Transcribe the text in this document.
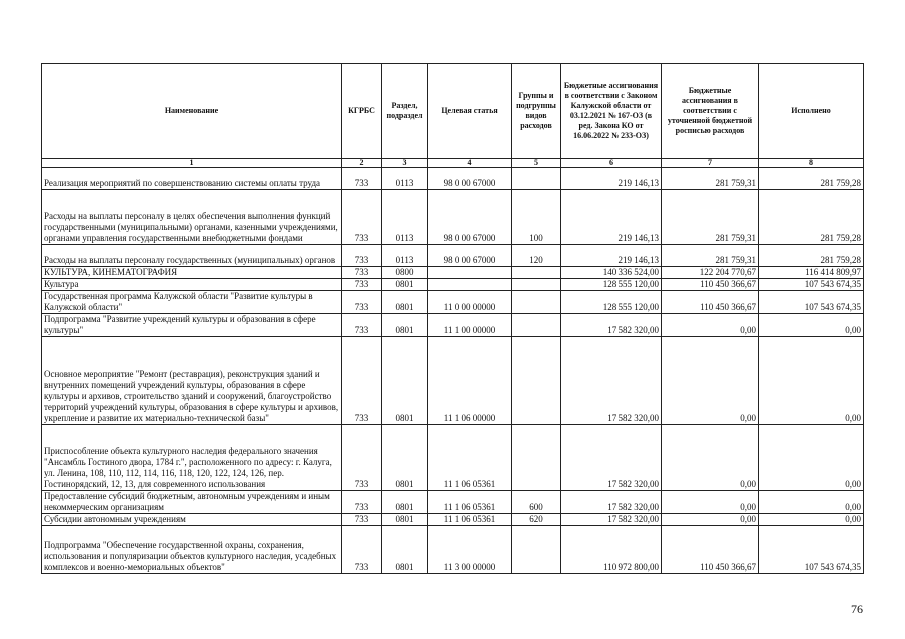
Наименование	КГРБС	Раздел, подраздел	Целевая статья	Группы и подгруппы видов расходов	Бюджетные ассигнования в соответствии с Законом Калужской области от 03.12.2021 № 167-ОЗ (в ред. Закона КО от 16.06.2022 № 233-ОЗ)	Бюджетные ассигнования в соответствии с уточненной бюджетной росписью расходов	Исполнено
1	2	3	4	5	6	7	8
Реализация мероприятий по совершенствованию системы оплаты труда	733	0113	98 0 00 67000		219 146,13	281 759,31	281 759,28
Расходы на выплаты персоналу в целях обеспечения выполнения функций государственными (муниципальными) органами, казенными учреждениями, органами управления государственными внебюджетными фондами	733	0113	98 0 00 67000	100	219 146,13	281 759,31	281 759,28
Расходы на выплаты персоналу государственных (муниципальных) органов	733	0113	98 0 00 67000	120	219 146,13	281 759,31	281 759,28
КУЛЬТУРА, КИНЕМАТОГРАФИЯ	733	0800			140 336 524,00	122 204 770,67	116 414 809,97
Культура	733	0801			128 555 120,00	110 450 366,67	107 543 674,35
Государственная программа Калужской области "Развитие культуры в Калужской области"	733	0801	11 0 00 00000		128 555 120,00	110 450 366,67	107 543 674,35
Подпрограмма "Развитие учреждений культуры и образования в сфере культуры"	733	0801	11 1 00 00000		17 582 320,00	0,00	0,00
Основное мероприятие "Ремонт (реставрация), реконструкция зданий и внутренних помещений учреждений культуры, образования в сфере культуры и архивов, строительство зданий и сооружений, благоустройство территорий учреждений культуры, образования в сфере культуры и архивов, укрепление и развитие их материально-технической базы"	733	0801	11 1 06 00000		17 582 320,00	0,00	0,00
Приспособление объекта культурного наследия федерального значения "Ансамбль Гостиного двора, 1784 г.", расположенного по адресу: г. Калуга, ул. Ленина, 108, 110, 112, 114, 116, 118, 120, 122, 124, 126, пер. Гостинорядский, 12, 13, для современного использования	733	0801	11 1 06 05361		17 582 320,00	0,00	0,00
Предоставление субсидий бюджетным, автономным учреждениям и иным некоммерческим организациям	733	0801	11 1 06 05361	600	17 582 320,00	0,00	0,00
Субсидии автономным учреждениям	733	0801	11 1 06 05361	620	17 582 320,00	0,00	0,00
Подпрограмма "Обеспечение государственной охраны, сохранения, использования и популяризации объектов культурного наследия, усадебных комплексов и военно-мемориальных объектов"	733	0801	11 3 00 00000		110 972 800,00	110 450 366,67	107 543 674,35
76
